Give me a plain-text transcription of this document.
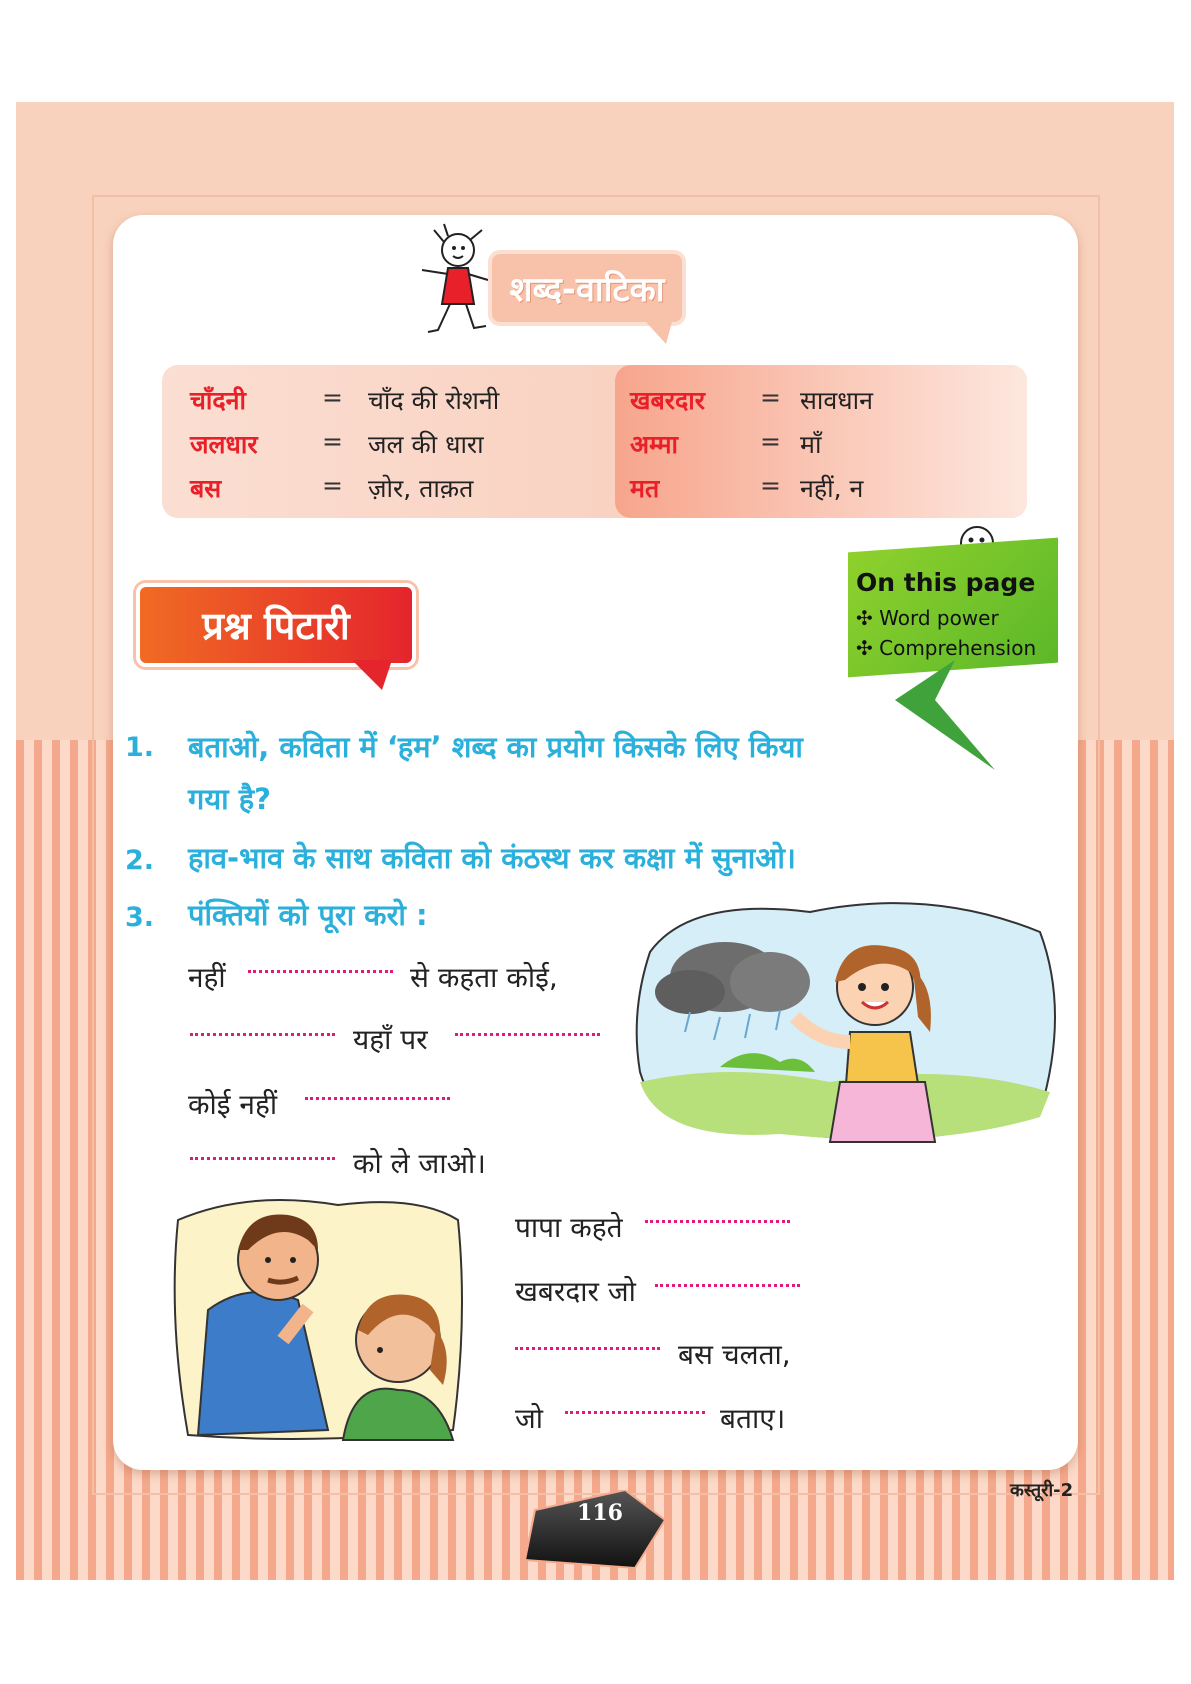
शब्द-वाटिका
चाँदनी	= चाँद की रोशनी
जलधार	= जल की धारा
बस	= ज़ोर, ताक़त
खबरदार = सावधान
अम्मा	= माँ
मत	= नहीं, न
On this page
✣ Word power
✣ Comprehension
प्रश्न पिटारी
1. बताओ, कविता में ‘हम’ शब्द का प्रयोग किसके लिए किया
गया है?
2. हाव-भाव के साथ कविता को कंठस्थ कर कक्षा में सुनाओ।
3. पंक्तियों को पूरा करो :
नहीं	से कहता कोई,
यहाँ पर
कोई नहीं
को ले जाओ।
पापा कहते
खबरदार जो
बस चलता,
जो	बताए।
116
कस्तूरी-2
